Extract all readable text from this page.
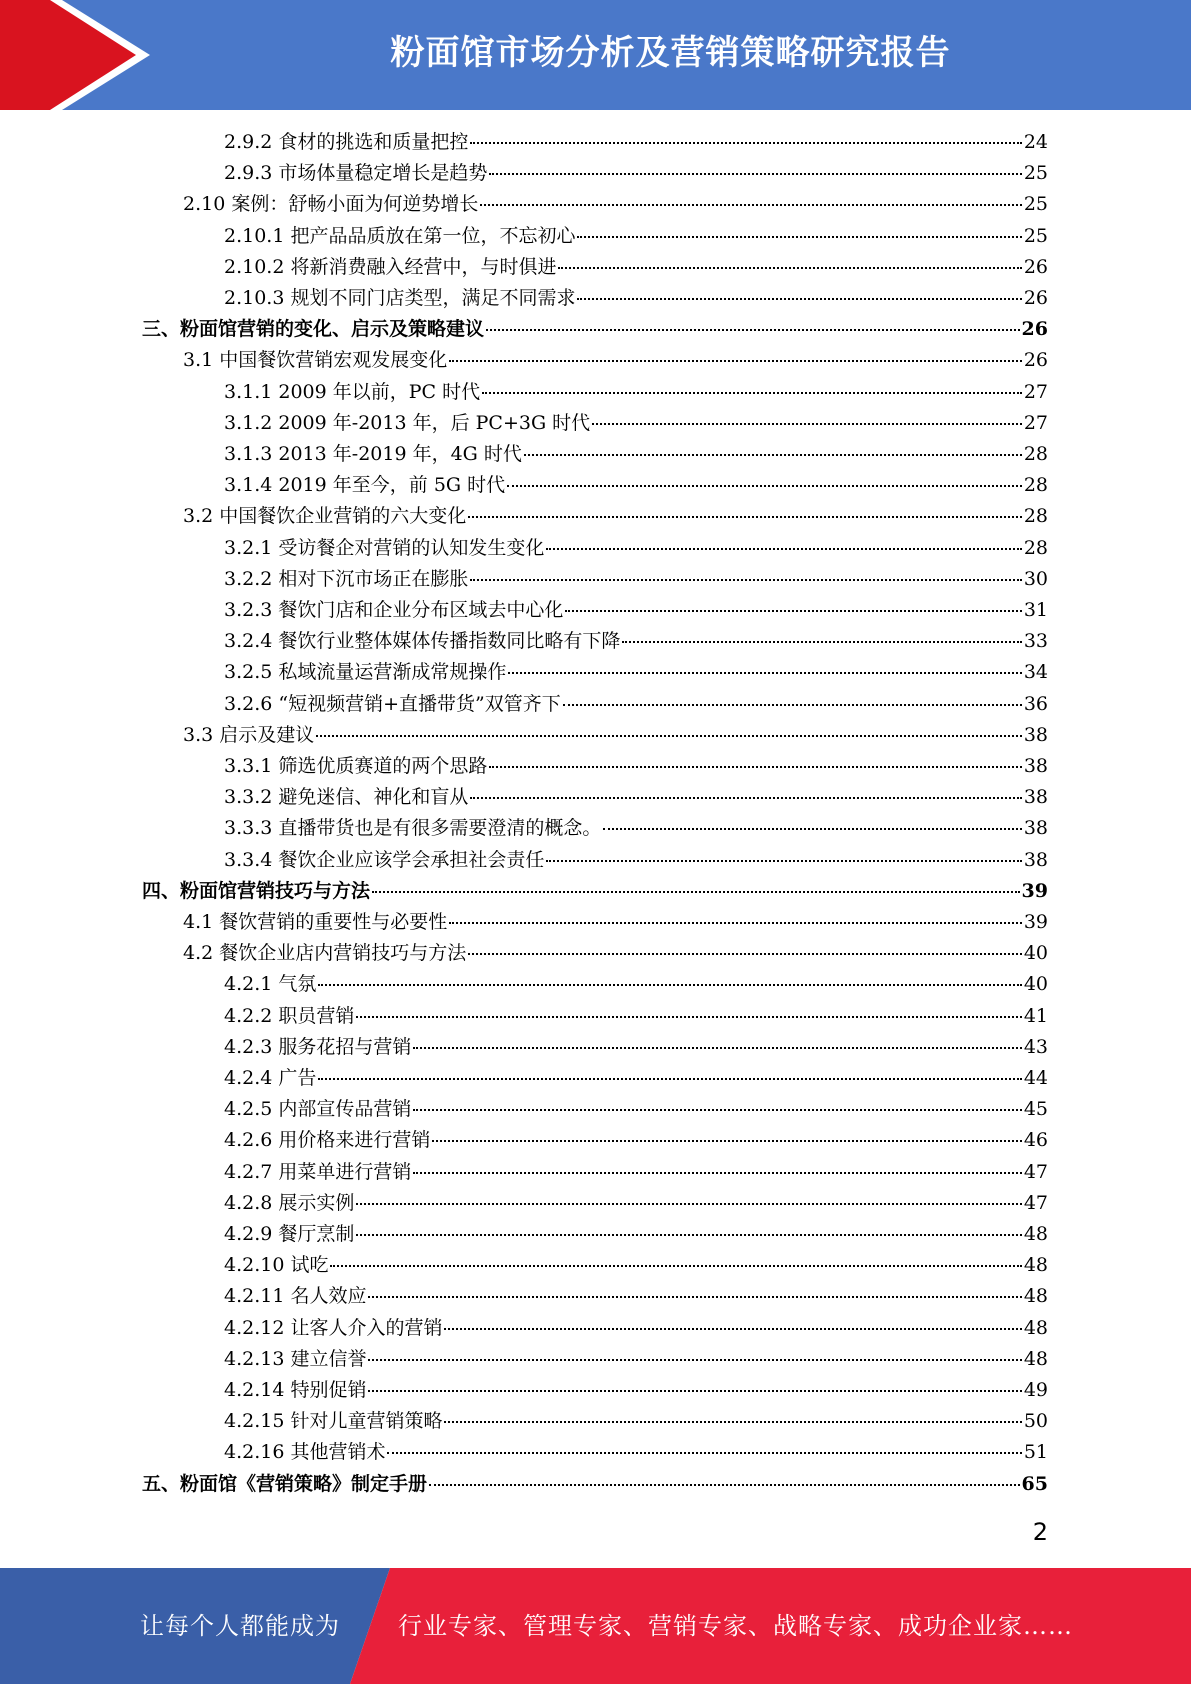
粉面馆市场分析及营销策略研究报告
2.9.2 食材的挑选和质量把控	24
2.9.3 市场体量稳定增长是趋势	25
2.10 案例：舒畅小面为何逆势增长	25
2.10.1 把产品品质放在第一位，不忘初心	25
2.10.2 将新消费融入经营中，与时俱进	26
2.10.3 规划不同门店类型，满足不同需求	26
三、粉面馆营销的变化、启示及策略建议	26
3.1 中国餐饮营销宏观发展变化	26
3.1.1 2009 年以前，PC 时代	27
3.1.2 2009 年-2013 年，后 PC+3G 时代	27
3.1.3 2013 年-2019 年，4G 时代	28
3.1.4 2019 年至今，前 5G 时代	28
3.2 中国餐饮企业营销的六大变化	28
3.2.1 受访餐企对营销的认知发生变化	28
3.2.2 相对下沉市场正在膨胀	30
3.2.3 餐饮门店和企业分布区域去中心化	31
3.2.4 餐饮行业整体媒体传播指数同比略有下降	33
3.2.5 私域流量运营渐成常规操作	34
3.2.6 “短视频营销+直播带货”双管齐下	36
3.3 启示及建议	38
3.3.1 筛选优质赛道的两个思路	38
3.3.2 避免迷信、神化和盲从	38
3.3.3 直播带货也是有很多需要澄清的概念。	38
3.3.4 餐饮企业应该学会承担社会责任	38
四、粉面馆营销技巧与方法	39
4.1 餐饮营销的重要性与必要性	39
4.2 餐饮企业店内营销技巧与方法	40
4.2.1 气氛	40
4.2.2 职员营销	41
4.2.3 服务花招与营销	43
4.2.4 广告	44
4.2.5 内部宣传品营销	45
4.2.6 用价格来进行营销	46
4.2.7 用菜单进行营销	47
4.2.8 展示实例	47
4.2.9 餐厅烹制	48
4.2.10 试吃	48
4.2.11 名人效应	48
4.2.12 让客人介入的营销	48
4.2.13 建立信誉	48
4.2.14 特别促销	49
4.2.15 针对儿童营销策略	50
4.2.16 其他营销术	51
五、粉面馆《营销策略》制定手册	65
2
让每个人都能成为 行业专家、管理专家、营销专家、战略专家、成功企业家……
